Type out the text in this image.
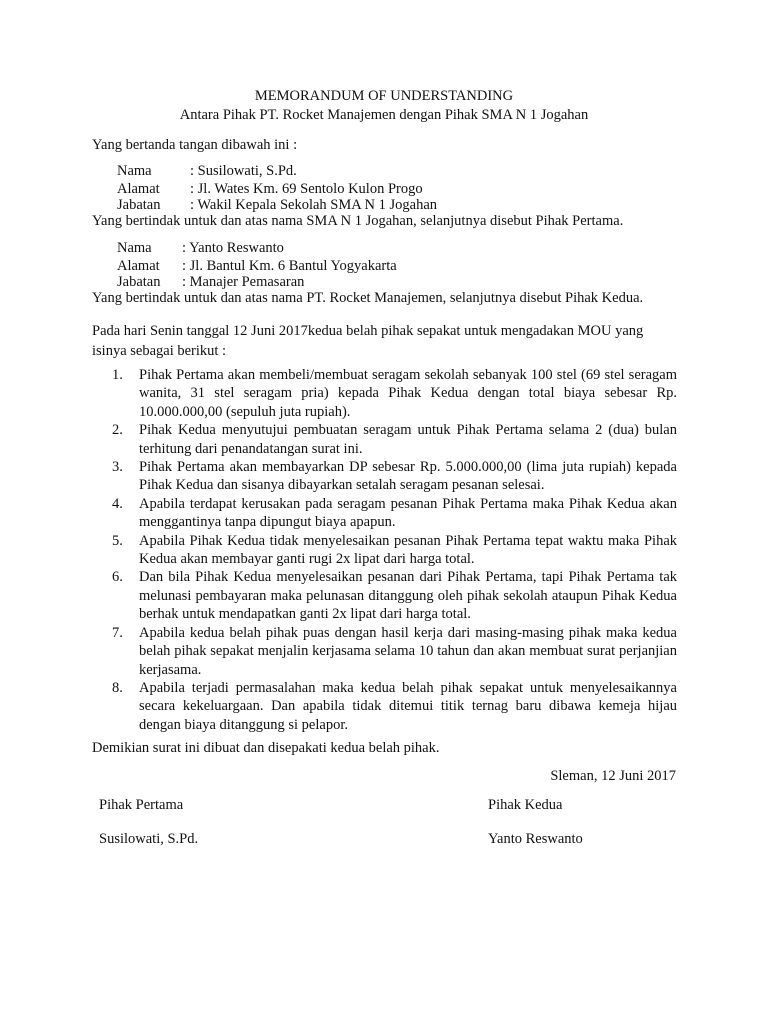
MEMORANDUM OF UNDERSTANDING
Antara Pihak PT. Rocket Manajemen dengan Pihak SMA N 1 Jogahan
Yang bertanda tangan dibawah ini :
Nama	: Susilowati, S.Pd.
Alamat : Jl. Wates Km. 69 Sentolo Kulon Progo
Jabatan : Wakil Kepala Sekolah SMA N 1 Jogahan
Yang bertindak untuk dan atas nama SMA N 1 Jogahan, selanjutnya disebut Pihak Pertama.
Nama : Yanto Reswanto
Alamat : Jl. Bantul Km. 6 Bantul Yogyakarta
Jabatan : Manajer Pemasaran
Yang bertindak untuk dan atas nama PT. Rocket Manajemen, selanjutnya disebut Pihak Kedua.
Pada hari Senin tanggal 12 Juni 2017kedua belah pihak sepakat untuk mengadakan MOU yang
isinya sebagai berikut :
1. Pihak Pertama akan membeli/membuat seragam sekolah sebanyak 100 stel (69 stel seragam wanita, 31 stel seragam pria) kepada Pihak Kedua dengan total biaya sebesar Rp. 10.000.000,00 (sepuluh juta rupiah).
2. Pihak Kedua menyutujui pembuatan seragam untuk Pihak Pertama selama 2 (dua) bulan terhitung dari penandatangan surat ini.
3. Pihak Pertama akan membayarkan DP sebesar Rp. 5.000.000,00 (lima juta rupiah) kepada Pihak Kedua dan sisanya dibayarkan setalah seragam pesanan selesai.
4. Apabila terdapat kerusakan pada seragam pesanan Pihak Pertama maka Pihak Kedua akan menggantinya tanpa dipungut biaya apapun.
5. Apabila Pihak Kedua tidak menyelesaikan pesanan Pihak Pertama tepat waktu maka Pihak Kedua akan membayar ganti rugi 2x lipat dari harga total.
6. Dan bila Pihak Kedua menyelesaikan pesanan dari Pihak Pertama, tapi Pihak Pertama tak melunasi pembayaran maka pelunasan ditanggung oleh pihak sekolah ataupun Pihak Kedua berhak untuk mendapatkan ganti 2x lipat dari harga total.
7. Apabila kedua belah pihak puas dengan hasil kerja dari masing-masing pihak maka kedua belah pihak sepakat menjalin kerjasama selama 10 tahun dan akan membuat surat perjanjian kerjasama.
8. Apabila terjadi permasalahan maka kedua belah pihak sepakat untuk menyelesaikannya secara kekeluargaan. Dan apabila tidak ditemui titik ternag baru dibawa kemeja hijau dengan biaya ditanggung si pelapor.
Demikian surat ini dibuat dan disepakati kedua belah pihak.
Sleman, 12 Juni 2017
Pihak Pertama	Pihak Kedua
Susilowati, S.Pd.	Yanto Reswanto
